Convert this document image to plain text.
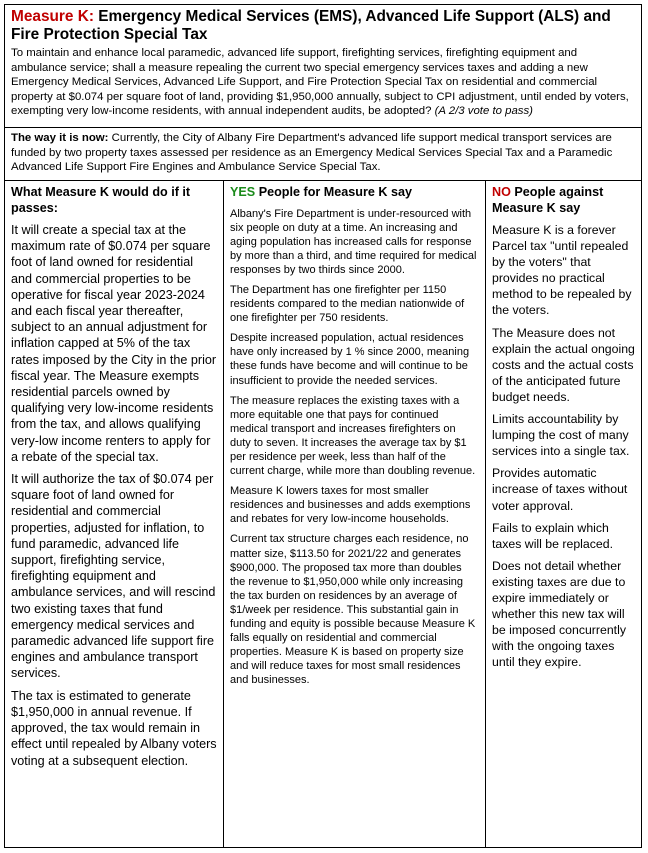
Measure K: Emergency Medical Services (EMS), Advanced Life Support (ALS) and Fire Protection Special Tax
To maintain and enhance local paramedic, advanced life support, firefighting services, firefighting equipment and ambulance service; shall a measure repealing the current two special emergency services taxes and adding a new Emergency Medical Services, Advanced Life Support, and Fire Protection Special Tax on residential and commercial property at $0.074 per square foot of land, providing $1,950,000 annually, subject to CPI adjustment, until ended by voters, exempting very low-income residents, with annual independent audits, be adopted? (A 2/3 vote to pass)
The way it is now: Currently, the City of Albany Fire Department's advanced life support medical transport services are funded by two property taxes assessed per residence as an Emergency Medical Services Special Tax and a Paramedic Advanced Life Support Fire Engines and Ambulance Service Special Tax.
What Measure K would do if it passes:

It will create a special tax at the maximum rate of $0.074 per square foot of land owned for residential and commercial properties to be operative for fiscal year 2023-2024 and each fiscal year thereafter, subject to an annual adjustment for inflation capped at 5% of the tax rates imposed by the City in the prior fiscal year. The Measure exempts residential parcels owned by qualifying very low-income residents from the tax, and allows qualifying very-low income renters to apply for a rebate of the special tax.

It will authorize the tax of $0.074 per square foot of land owned for residential and commercial properties, adjusted for inflation, to fund paramedic, advanced life support, firefighting service, firefighting equipment and ambulance services, and will rescind two existing taxes that fund emergency medical services and paramedic advanced life support fire engines and ambulance transport services.

The tax is estimated to generate $1,950,000 in annual revenue. If approved, the tax would remain in effect until repealed by Albany voters voting at a subsequent election.

YES People for Measure K say

Albany's Fire Department is under-resourced with six people on duty at a time. An increasing and aging population has increased calls for response by more than a third, and time required for medical responses by two thirds since 2000.

The Department has one firefighter per 1150 residents compared to the median nationwide of one firefighter per 750 residents.

Despite increased population, actual residences have only increased by 1 % since 2000, meaning these funds have become and will continue to be insufficient to provide the needed services.

The measure replaces the existing taxes with a more equitable one that pays for continued medical transport and increases firefighters on duty to seven. It increases the average tax by $1 per residence per week, less than half of the current charge, while more than doubling revenue.

Measure K lowers taxes for most smaller residences and businesses and adds exemptions and rebates for very low-income households.

Current tax structure charges each residence, no matter size, $113.50 for 2021/22 and generates $900,000. The proposed tax more than doubles the revenue to $1,950,000 while only increasing the tax burden on residences by an average of $1/week per residence. This substantial gain in funding and equity is possible because Measure K falls equally on residential and commercial properties. Measure K is based on property size and will reduce taxes for most small residences and businesses.

NO People against Measure K say

Measure K is a forever Parcel tax "until repealed by the voters" that provides no practical method to be repealed by the voters.

The Measure does not explain the actual ongoing costs and the actual costs of the anticipated future budget needs.

Limits accountability by lumping the cost of many services into a single tax.

Provides automatic increase of taxes without voter approval.

Fails to explain which taxes will be replaced.

Does not detail whether existing taxes are due to expire immediately or whether this new tax will be imposed concurrently with the ongoing taxes until they expire.
